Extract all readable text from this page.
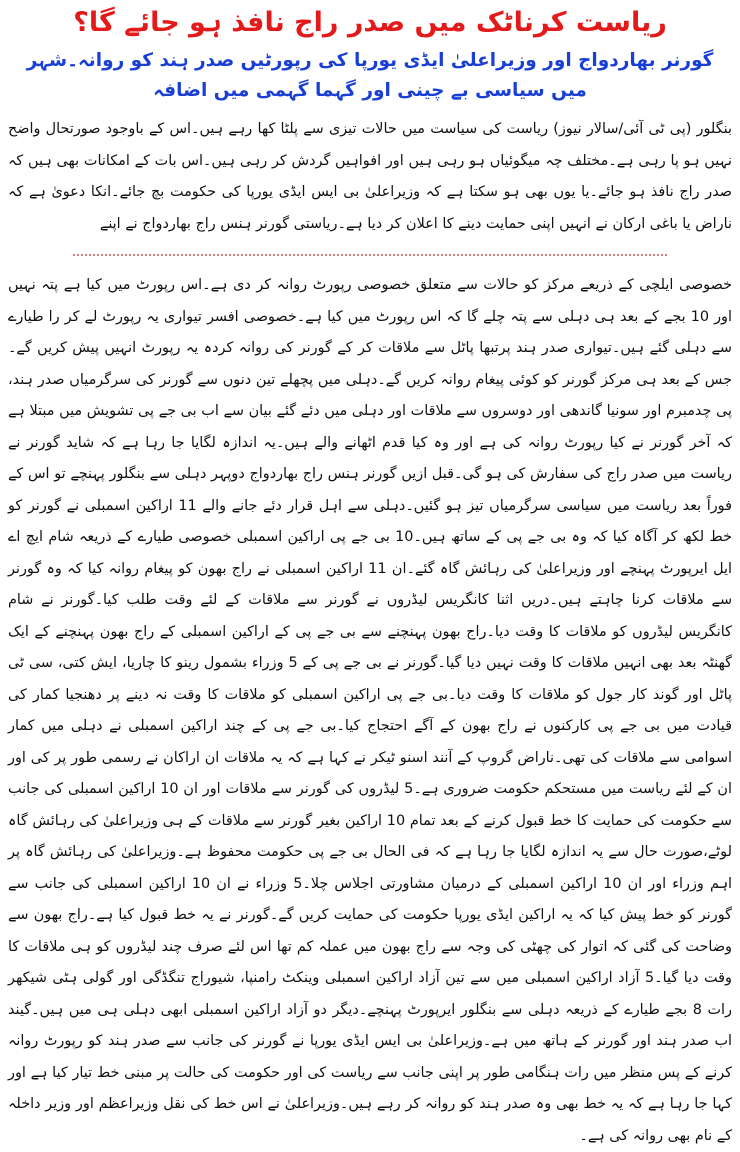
ریاست کرناٹک میں صدر راج نافذ ہو جائے گا؟
گورنر بھاردواج اور وزیراعلیٰ ایڈی یورپا کی رپورٹیں صدر ہند کو روانہ۔شہر میں سیاسی بے چینی اور گہما گہمی میں اضافہ

بنگلور (پی ٹی آئی/سالار نیوز) ریاست کی سیاست میں حالات تیزی سے پلٹا کھا رہے ہیں۔اس کے باوجود صورتحال واضح نہیں ہو پا رہی ہے۔مختلف چہ میگوئیاں ہو رہی ہیں اور افواہیں گردش کر رہی ہیں۔اس بات کے امکانات بھی ہیں کہ صدر راج نافذ ہو جائے۔یا یوں بھی ہو سکتا ہے کہ وزیراعلیٰ بی ایس ایڈی یورپا کی حکومت بچ جائے۔انکا دعویٰ ہے کہ ناراض یا باغی ارکان نے انہیں اپنی حمایت دینے کا اعلان کر دیا ہے۔ریاستی گورنر ہنس راج بھاردواج نے اپنے

خصوصی ایلچی کے ذریعے مرکز کو حالات سے متعلق خصوصی رپورٹ روانہ کر دی ہے۔اس رپورٹ میں کیا ہے پتہ نہیں اور 10 بجے کے بعد ہی دہلی سے پتہ چلے گا کہ اس رپورٹ میں کیا ہے۔خصوصی افسر تیواری یہ رپورٹ لے کر را طیارے سے دہلی گئے ہیں۔تیواری صدر ہند پرتبھا پاٹل سے ملاقات کر کے گورنر کی روانہ کردہ یہ رپورٹ انہیں پیش کریں گے۔جس کے بعد ہی مرکز گورنر کو کوئی پیغام روانہ کریں گے۔دہلی میں پچھلے تین دنوں سے گورنر کی سرگرمیاں صدر ہند، پی چدمبرم اور سونیا گاندھی اور دوسروں سے ملاقات اور دہلی میں دئے گئے بیان سے اب بی جے پی تشویش میں مبتلا ہے کہ آخر گورنر نے کیا رپورٹ روانہ کی ہے اور وہ کیا قدم اٹھانے والے ہیں۔یہ اندازہ لگایا جا رہا ہے کہ شاید گورنر نے ریاست میں صدر راج کی سفارش کی ہو گی۔قبل ازیں گورنر ہنس راج بھاردواج دوپہر دہلی سے بنگلور پہنچے تو اس کے فوراً بعد ریاست میں سیاسی سرگرمیاں تیز ہو گئیں۔دہلی سے اہل قرار دئے جانے والے 11 اراکین اسمبلی نے گورنر کو خط لکھ کر آگاہ کیا کہ وہ بی جے پی کے ساتھ ہیں۔10 بی جے پی اراکین اسمبلی خصوصی طیارے کے ذریعہ شام ایچ اے ایل ایرپورٹ پہنچے اور وزیراعلیٰ کی رہائش گاہ گئے۔ان 11 اراکین اسمبلی نے راج بھون کو پیغام روانہ کیا کہ وہ گورنر سے ملاقات کرنا چاہتے ہیں۔دریں اثنا کانگریس لیڈروں نے گورنر سے ملاقات کے لئے وقت طلب کیا۔گورنر نے شام کانگریس لیڈروں کو ملاقات کا وقت دیا۔راج بھون پہنچنے سے بی جے پی کے اراکین اسمبلی کے راج بھون پہنچنے کے ایک گھنٹہ بعد بھی انہیں ملاقات کا وقت نہیں دیا گیا۔گورنر نے بی جے پی کے 5 وزراء بشمول رینو کا چاریا، ایش کتی، سی ٹی پاٹل اور گوند کار جول کو ملاقات کا وقت دیا۔بی جے پی اراکین اسمبلی کو ملاقات کا وقت نہ دینے پر دھنجیا کمار کی قیادت میں بی جے پی کارکنوں نے راج بھون کے آگے احتجاج کیا۔بی جے پی کے چند اراکین اسمبلی نے دہلی میں کمار اسوامی سے ملاقات کی تھی۔ناراض گروپ کے آنند اسنو ٹیکر نے کہا ہے کہ یہ ملاقات ان اراکان نے رسمی طور پر کی اور ان کے لئے ریاست میں مستحکم حکومت ضروری ہے۔5 لیڈروں کی گورنر سے ملاقات اور ان 10 اراکین اسمبلی کی جانب سے حکومت کی حمایت کا خط قبول کرنے کے بعد تمام 10 اراکین بغیر گورنر سے ملاقات کے ہی وزیراعلیٰ کی رہائش گاہ لوٹے،صورت حال سے یہ اندازہ لگایا جا رہا ہے کہ فی الحال بی جے پی حکومت محفوظ ہے۔وزیراعلیٰ کی رہائش گاہ پر اہم وزراء اور ان 10 اراکین اسمبلی کے درمیان مشاورتی اجلاس چلا۔5 وزراء نے ان 10 اراکین اسمبلی کی جانب سے گورنر کو خط پیش کیا کہ یہ اراکین ایڈی یورپا حکومت کی حمایت کریں گے۔گورنر نے یہ خط قبول کیا ہے۔راج بھون سے وضاحت کی گئی کہ اتوار کی چھٹی کی وجہ سے راج بھون میں عملہ کم تھا اس لئے صرف چند لیڈروں کو ہی ملاقات کا وقت دیا گیا۔5 آزاد اراکین اسمبلی میں سے تین آزاد اراکین اسمبلی وینکٹ رامنپا، شیوراج تنگڈگی اور گولی ہٹی شیکھر رات 8 بجے طیارے کے ذریعہ دہلی سے بنگلور ایرپورٹ پہنچے۔دیگر دو آزاد اراکین اسمبلی ابھی دہلی ہی میں ہیں۔گیند اب صدر ہند اور گورنر کے ہاتھ میں ہے۔وزیراعلیٰ بی ایس ایڈی یورپا نے گورنر کی جانب سے صدر ہند کو رپورٹ روانہ کرنے کے پس منظر میں رات ہنگامی طور پر اپنی جانب سے ریاست کی اور حکومت کی حالت پر مبنی خط تیار کیا ہے اور کہا جا رہا ہے کہ یہ خط بھی وہ صدر ہند کو روانہ کر رہے ہیں۔وزیراعلیٰ نے اس خط کی نقل وزیراعظم اور وزیر داخلہ کے نام بھی روانہ کی ہے۔
